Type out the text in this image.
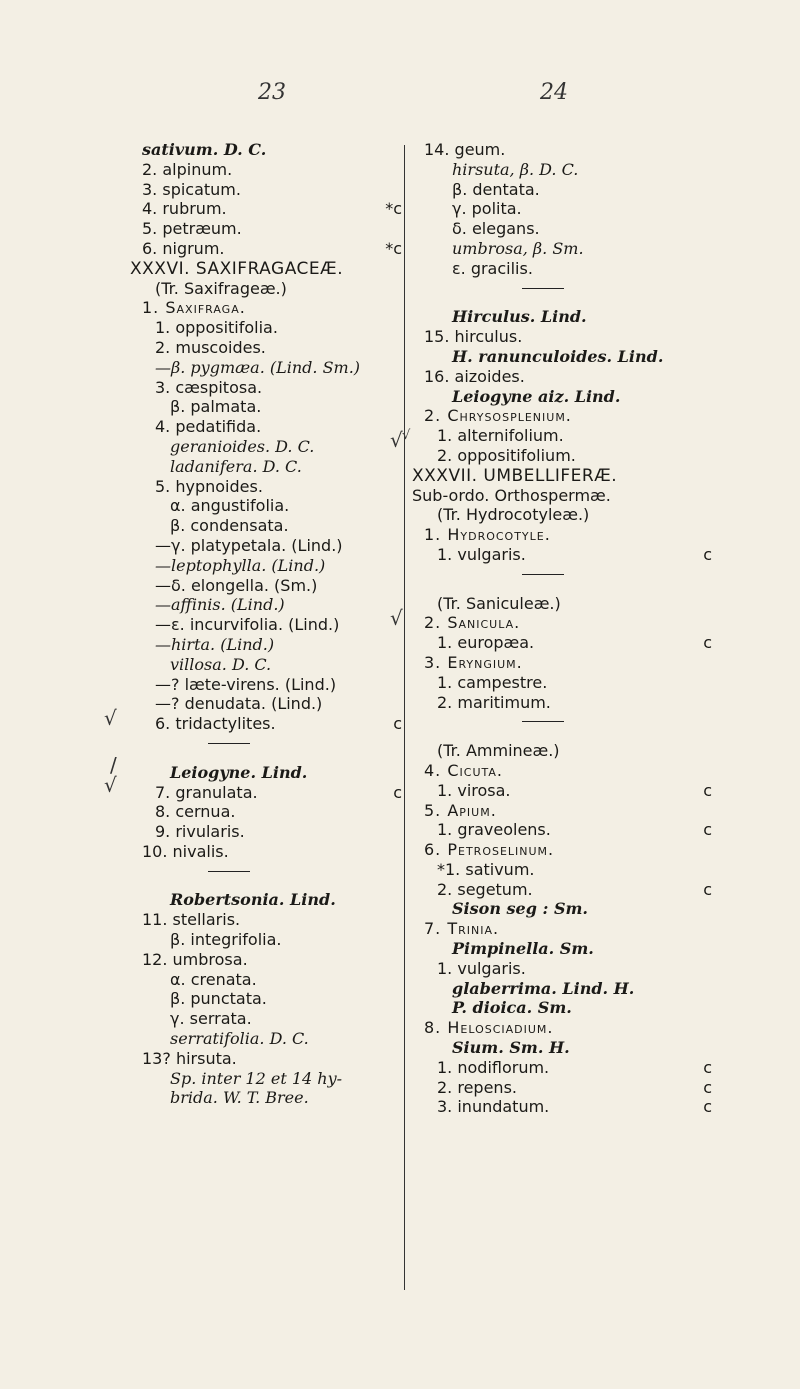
23	24
sativum. D. C.
2. alpinum.
3. spicatum.
4. rubrum.	*c
5. petræum.
6. nigrum.	*c
XXXVI. SAXIFRAGACEÆ.
(Tr. Saxifrageæ.)
1. Saxifraga.
1. oppositifolia.
2. muscoides.
—β. pygmæa. (Lind. Sm.)
3. cæspitosa.
β. palmata.
4. pedatifida.
geranioides. D. C.
ladanifera. D. C.
5. hypnoides.
α. angustifolia.
β. condensata.
—γ. platypetala. (Lind.)
—leptophylla. (Lind.)
—δ. elongella. (Sm.)
—affinis. (Lind.)
—ε. incurvifolia. (Lind.)
—hirta. (Lind.)
villosa. D. C.
—? læte-virens. (Lind.)
—? denudata. (Lind.)
6. tridactylites.	c
Leiogyne. Lind.
7. granulata.	c
8. cernua.
9. rivularis.
10. nivalis.
Robertsonia. Lind.
11. stellaris.
β. integrifolia.
12. umbrosa.
α. crenata.
β. punctata.
γ. serrata.
serratifolia. D. C.
13? hirsuta.
Sp. inter 12 et 14 hy-
brida. W. T. Bree.
14. geum.
hirsuta, β. D. C.
β. dentata.
γ. polita.
δ. elegans.
umbrosa, β. Sm.
ε. gracilis.
Hirculus. Lind.
15. hirculus.
H. ranunculoides. Lind.
16. aizoides.
Leiogyne aiz. Lind.
2. Chrysosplenium.
1. alternifolium.
2. oppositifolium.
XXXVII. UMBELLIFERÆ.
Sub-ordo. Orthospermæ.
(Tr. Hydrocotyleæ.)
1. Hydrocotyle.
1. vulgaris.	c
(Tr. Saniculeæ.)
2. Sanicula.
1. europæa.	c
3. Eryngium.
1. campestre.
2. maritimum.
(Tr. Ammineæ.)
4. Cicuta.
1. virosa.	c
5. Apium.
1. graveolens.	c
6. Petroselinum.
*1. sativum.
2. segetum.	c
Sison seg : Sm.
7. Trinia.
Pimpinella. Sm.
1. vulgaris.
glaberrima. Lind. H.
P. dioica. Sm.
8. Helosciadium.
Sium. Sm. H.
1. nodiflorum.	c
2. repens.	c
3. inundatum.	c
√
/
√
√ √
√
